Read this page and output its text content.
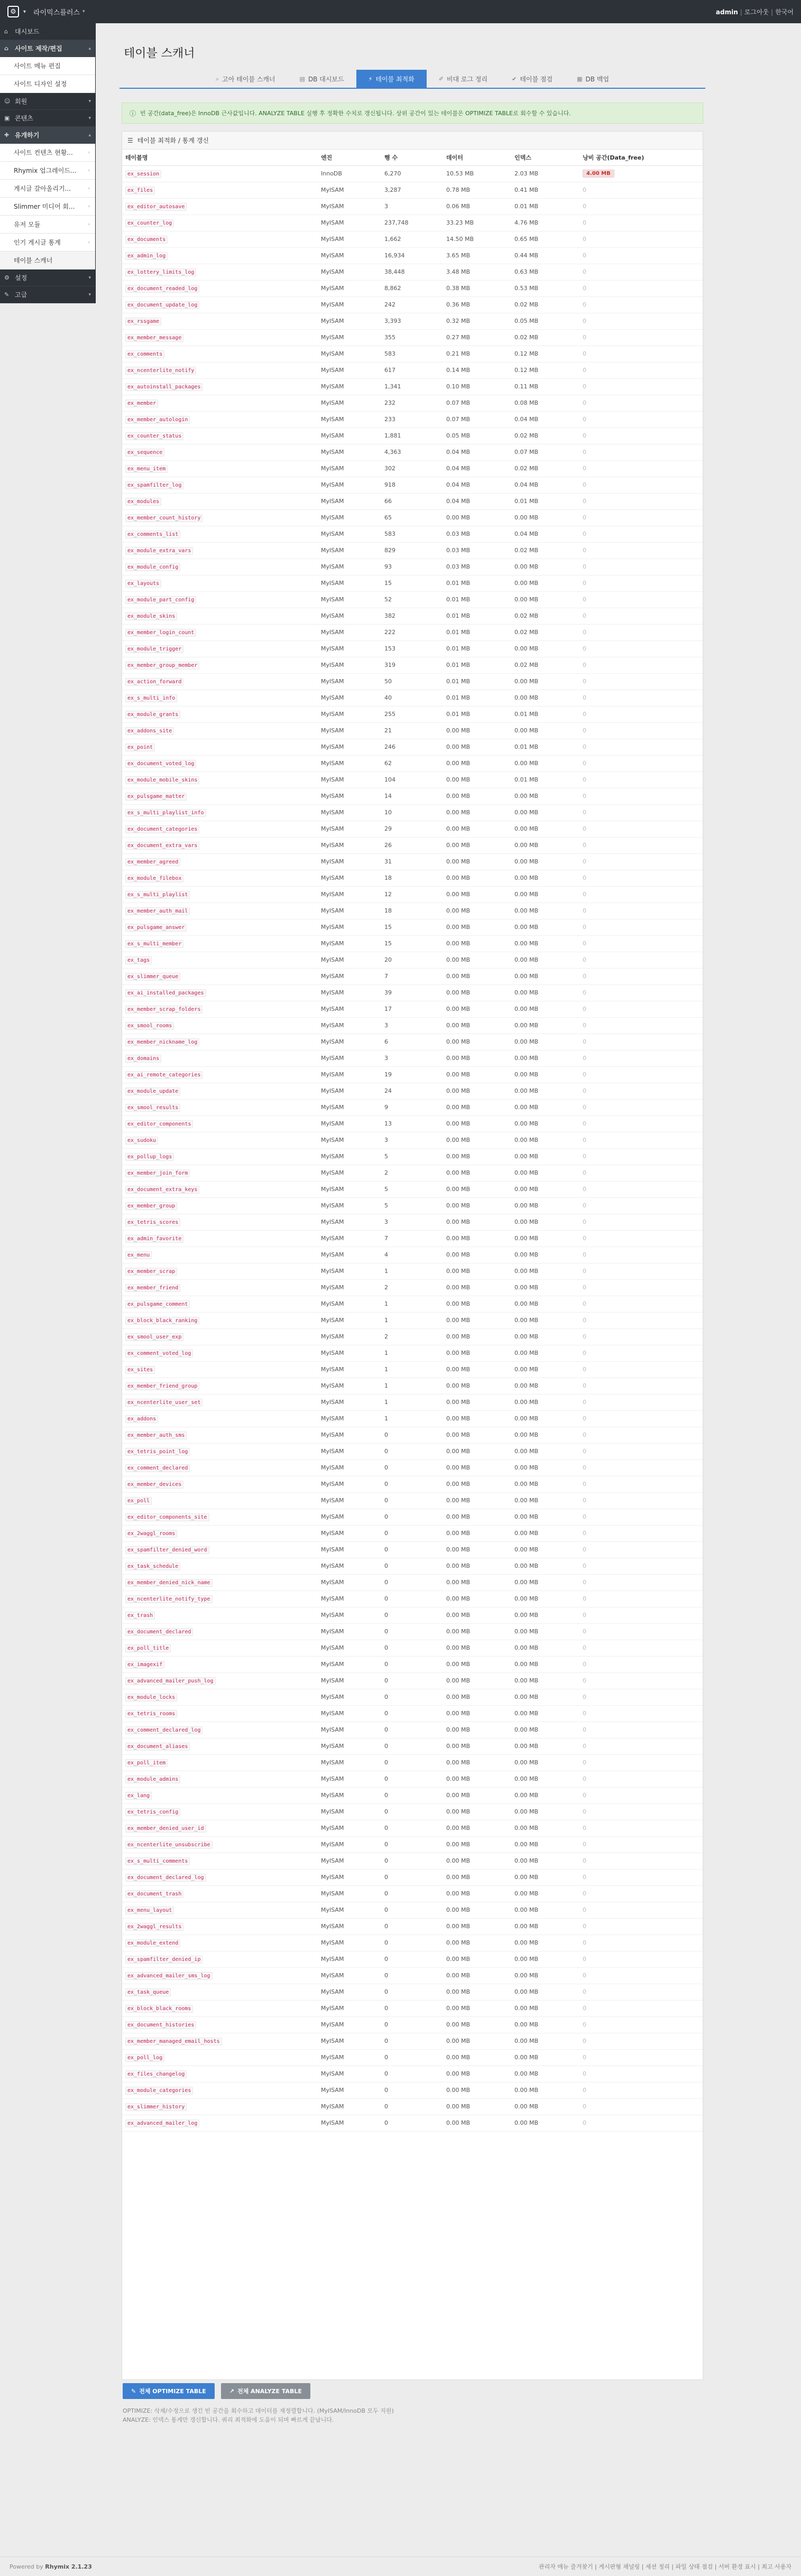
⚙	▾ 라이믹스플러스 ▾	admin | 로그아웃 | 한국어
⌂	대시보드
⌂	사이트 제작/편집	▴
사이트 메뉴 편집
사이트 디자인 설정
☺ 회원	▾
▣ 콘텐츠	▾
✚ 유개하기	▴
사이트 컨텐츠 현황...	›
Rhymix 업그레이드... ›
게시글 갈아올리기...	›
Slimmer 미디어 회...	›
유저 모듈	›
인기 게시글 통계	›
테이블 스캐너
⚙ 설정	▾
✎ 고급	▾
테이블 스캐너
⌕ 고아 테이블 스캐너	▤ DB 대시보드	⚡ 테이블 최적화	✐ 비대 로그 정리	✔ 테이블 점검	▦ DB 백업
ⓘ 빈 공간(data_free)은 InnoDB 근사값입니다. ANALYZE TABLE 실행 후 정확한 수치로 갱신됩니다. 상위 공간이 있는 테이블은 OPTIMIZE TABLE로 회수할 수 있습니다.
☰ 테이블 최적화 / 통계 갱신
테이블명	엔진	행 수	데이터	인덱스	낭비 공간(Data_free)
ex_session	InnoDB	6,270	10.53 MB	2.03 MB	4.00 MB
ex_files	MyISAM	3,287	0.78 MB	0.41 MB	0
ex_editor_autosave	MyISAM	3	0.06 MB	0.01 MB	0
ex_counter_log	MyISAM	237,748	33.23 MB	4.76 MB	0
ex_documents	MyISAM	1,662	14.50 MB	0.65 MB	0
ex_admin_log	MyISAM	16,934	3.65 MB	0.44 MB	0
ex_lottery_limits_log	MyISAM	38,448	3.48 MB	0.63 MB	0
ex_document_readed_log	MyISAM	8,862	0.38 MB	0.53 MB	0
ex_document_update_log	MyISAM	242	0.36 MB	0.02 MB	0
ex_rssgame	MyISAM	3,393	0.32 MB	0.05 MB	0
ex_member_message	MyISAM	355	0.27 MB	0.02 MB	0
ex_comments	MyISAM	583	0.21 MB	0.12 MB	0
ex_ncenterlite_notify	MyISAM	617	0.14 MB	0.12 MB	0
ex_autoinstall_packages	MyISAM	1,341	0.10 MB	0.11 MB	0
ex_member	MyISAM	232	0.07 MB	0.08 MB	0
ex_member_autologin	MyISAM	233	0.07 MB	0.04 MB	0
ex_counter_status	MyISAM	1,881	0.05 MB	0.02 MB	0
ex_sequence	MyISAM	4,363	0.04 MB	0.07 MB	0
ex_menu_item	MyISAM	302	0.04 MB	0.02 MB	0
ex_spamfilter_log	MyISAM	918	0.04 MB	0.04 MB	0
ex_modules	MyISAM	66	0.04 MB	0.01 MB	0
ex_member_count_history	MyISAM	65	0.00 MB	0.00 MB	0
ex_comments_list	MyISAM	583	0.03 MB	0.04 MB	0
ex_module_extra_vars	MyISAM	829	0.03 MB	0.02 MB	0
ex_module_config	MyISAM	93	0.03 MB	0.00 MB	0
ex_layouts	MyISAM	15	0.01 MB	0.00 MB	0
ex_module_part_config	MyISAM	52	0.01 MB	0.00 MB	0
ex_module_skins	MyISAM	382	0.01 MB	0.02 MB	0
ex_member_login_count	MyISAM	222	0.01 MB	0.02 MB	0
ex_module_trigger	MyISAM	153	0.01 MB	0.00 MB	0
ex_member_group_member	MyISAM	319	0.01 MB	0.02 MB	0
ex_action_forward	MyISAM	50	0.01 MB	0.00 MB	0
ex_s_multi_info	MyISAM	40	0.01 MB	0.00 MB	0
ex_module_grants	MyISAM	255	0.01 MB	0.01 MB	0
ex_addons_site	MyISAM	21	0.00 MB	0.00 MB	0
ex_point	MyISAM	246	0.00 MB	0.01 MB	0
ex_document_voted_log	MyISAM	62	0.00 MB	0.00 MB	0
ex_module_mobile_skins	MyISAM	104	0.00 MB	0.01 MB	0
ex_pulsgame_matter	MyISAM	14	0.00 MB	0.00 MB	0
ex_s_multi_playlist_info	MyISAM	10	0.00 MB	0.00 MB	0
ex_document_categories	MyISAM	29	0.00 MB	0.00 MB	0
ex_document_extra_vars	MyISAM	26	0.00 MB	0.00 MB	0
ex_member_agreed	MyISAM	31	0.00 MB	0.00 MB	0
ex_module_filebox	MyISAM	18	0.00 MB	0.00 MB	0
ex_s_multi_playlist	MyISAM	12	0.00 MB	0.00 MB	0
ex_member_auth_mail	MyISAM	18	0.00 MB	0.00 MB	0
ex_pulsgame_answer	MyISAM	15	0.00 MB	0.00 MB	0
ex_s_multi_member	MyISAM	15	0.00 MB	0.00 MB	0
ex_tags	MyISAM	20	0.00 MB	0.00 MB	0
ex_slimmer_queue	MyISAM	7	0.00 MB	0.00 MB	0
ex_ai_installed_packages	MyISAM	39	0.00 MB	0.00 MB	0
ex_member_scrap_folders	MyISAM	17	0.00 MB	0.00 MB	0
ex_smool_rooms	MyISAM	3	0.00 MB	0.00 MB	0
ex_member_nickname_log	MyISAM	6	0.00 MB	0.00 MB	0
ex_domains	MyISAM	3	0.00 MB	0.00 MB	0
ex_ai_remote_categories	MyISAM	19	0.00 MB	0.00 MB	0
ex_module_update	MyISAM	24	0.00 MB	0.00 MB	0
ex_smool_results	MyISAM	9	0.00 MB	0.00 MB	0
ex_editor_components	MyISAM	13	0.00 MB	0.00 MB	0
ex_sudoku	MyISAM	3	0.00 MB	0.00 MB	0
ex_pollup_logs	MyISAM	5	0.00 MB	0.00 MB	0
ex_member_join_form	MyISAM	2	0.00 MB	0.00 MB	0
ex_document_extra_keys	MyISAM	5	0.00 MB	0.00 MB	0
ex_member_group	MyISAM	5	0.00 MB	0.00 MB	0
ex_tetris_scores	MyISAM	3	0.00 MB	0.00 MB	0
ex_admin_favorite	MyISAM	7	0.00 MB	0.00 MB	0
ex_menu	MyISAM	4	0.00 MB	0.00 MB	0
ex_member_scrap	MyISAM	1	0.00 MB	0.00 MB	0
ex_member_friend	MyISAM	2	0.00 MB	0.00 MB	0
ex_pulsgame_comment	MyISAM	1	0.00 MB	0.00 MB	0
ex_block_black_ranking	MyISAM	1	0.00 MB	0.00 MB	0
ex_smool_user_exp	MyISAM	2	0.00 MB	0.00 MB	0
ex_comment_voted_log	MyISAM	1	0.00 MB	0.00 MB	0
ex_sites	MyISAM	1	0.00 MB	0.00 MB	0
ex_member_friend_group	MyISAM	1	0.00 MB	0.00 MB	0
ex_ncenterlite_user_set	MyISAM	1	0.00 MB	0.00 MB	0
ex_addons	MyISAM	1	0.00 MB	0.00 MB	0
ex_member_auth_sms	MyISAM	0	0.00 MB	0.00 MB	0
ex_tetris_point_log	MyISAM	0	0.00 MB	0.00 MB	0
ex_comment_declared	MyISAM	0	0.00 MB	0.00 MB	0
ex_member_devices	MyISAM	0	0.00 MB	0.00 MB	0
ex_poll	MyISAM	0	0.00 MB	0.00 MB	0
ex_editor_components_site	MyISAM	0	0.00 MB	0.00 MB	0
ex_2waggl_rooms	MyISAM	0	0.00 MB	0.00 MB	0
ex_spamfilter_denied_word	MyISAM	0	0.00 MB	0.00 MB	0
ex_task_schedule	MyISAM	0	0.00 MB	0.00 MB	0
ex_member_denied_nick_name	MyISAM	0	0.00 MB	0.00 MB	0
ex_ncenterlite_notify_type	MyISAM	0	0.00 MB	0.00 MB	0
ex_trash	MyISAM	0	0.00 MB	0.00 MB	0
ex_document_declared	MyISAM	0	0.00 MB	0.00 MB	0
ex_poll_title	MyISAM	0	0.00 MB	0.00 MB	0
ex_imagexif	MyISAM	0	0.00 MB	0.00 MB	0
ex_advanced_mailer_push_log	MyISAM	0	0.00 MB	0.00 MB	0
ex_module_locks	MyISAM	0	0.00 MB	0.00 MB	0
ex_tetris_rooms	MyISAM	0	0.00 MB	0.00 MB	0
ex_comment_declared_log	MyISAM	0	0.00 MB	0.00 MB	0
ex_document_aliases	MyISAM	0	0.00 MB	0.00 MB	0
ex_poll_item	MyISAM	0	0.00 MB	0.00 MB	0
ex_module_admins	MyISAM	0	0.00 MB	0.00 MB	0
ex_lang	MyISAM	0	0.00 MB	0.00 MB	0
ex_tetris_config	MyISAM	0	0.00 MB	0.00 MB	0
ex_member_denied_user_id	MyISAM	0	0.00 MB	0.00 MB	0
ex_ncenterlite_unsubscribe	MyISAM	0	0.00 MB	0.00 MB	0
ex_s_multi_comments	MyISAM	0	0.00 MB	0.00 MB	0
ex_document_declared_log	MyISAM	0	0.00 MB	0.00 MB	0
ex_document_trash	MyISAM	0	0.00 MB	0.00 MB	0
ex_menu_layout	MyISAM	0	0.00 MB	0.00 MB	0
ex_2waggl_results	MyISAM	0	0.00 MB	0.00 MB	0
ex_module_extend	MyISAM	0	0.00 MB	0.00 MB	0
ex_spamfilter_denied_ip	MyISAM	0	0.00 MB	0.00 MB	0
ex_advanced_mailer_sms_log	MyISAM	0	0.00 MB	0.00 MB	0
ex_task_queue	MyISAM	0	0.00 MB	0.00 MB	0
ex_block_black_rooms	MyISAM	0	0.00 MB	0.00 MB	0
ex_document_histories	MyISAM	0	0.00 MB	0.00 MB	0
ex_member_managed_email_hosts	MyISAM	0	0.00 MB	0.00 MB	0
ex_poll_log	MyISAM	0	0.00 MB	0.00 MB	0
ex_files_changelog	MyISAM	0	0.00 MB	0.00 MB	0
ex_module_categories	MyISAM	0	0.00 MB	0.00 MB	0
ex_slimmer_history	MyISAM	0	0.00 MB	0.00 MB	0
ex_advanced_mailer_log	MyISAM	0	0.00 MB	0.00 MB	0
✎ 전체 OPTIMIZE TABLE	↗ 전체 ANALYZE TABLE
OPTIMIZE: 삭제/수정으로 생긴 빈 공간을 회수하고 데이터를 재정렬합니다. (MyISAM/InnoDB 모두 지원)
ANALYZE: 인덱스 통계만 갱신합니다. 쿼리 최적화에 도움이 되며 빠르게 끝납니다.
Powered by Rhymix 2.1.23	관리자 메뉴 즐겨찾기 | 게시판형 채널링 | 세션 정리 | 파일 상태 점검 | 서버 환경 표시 | 최고 사용자
